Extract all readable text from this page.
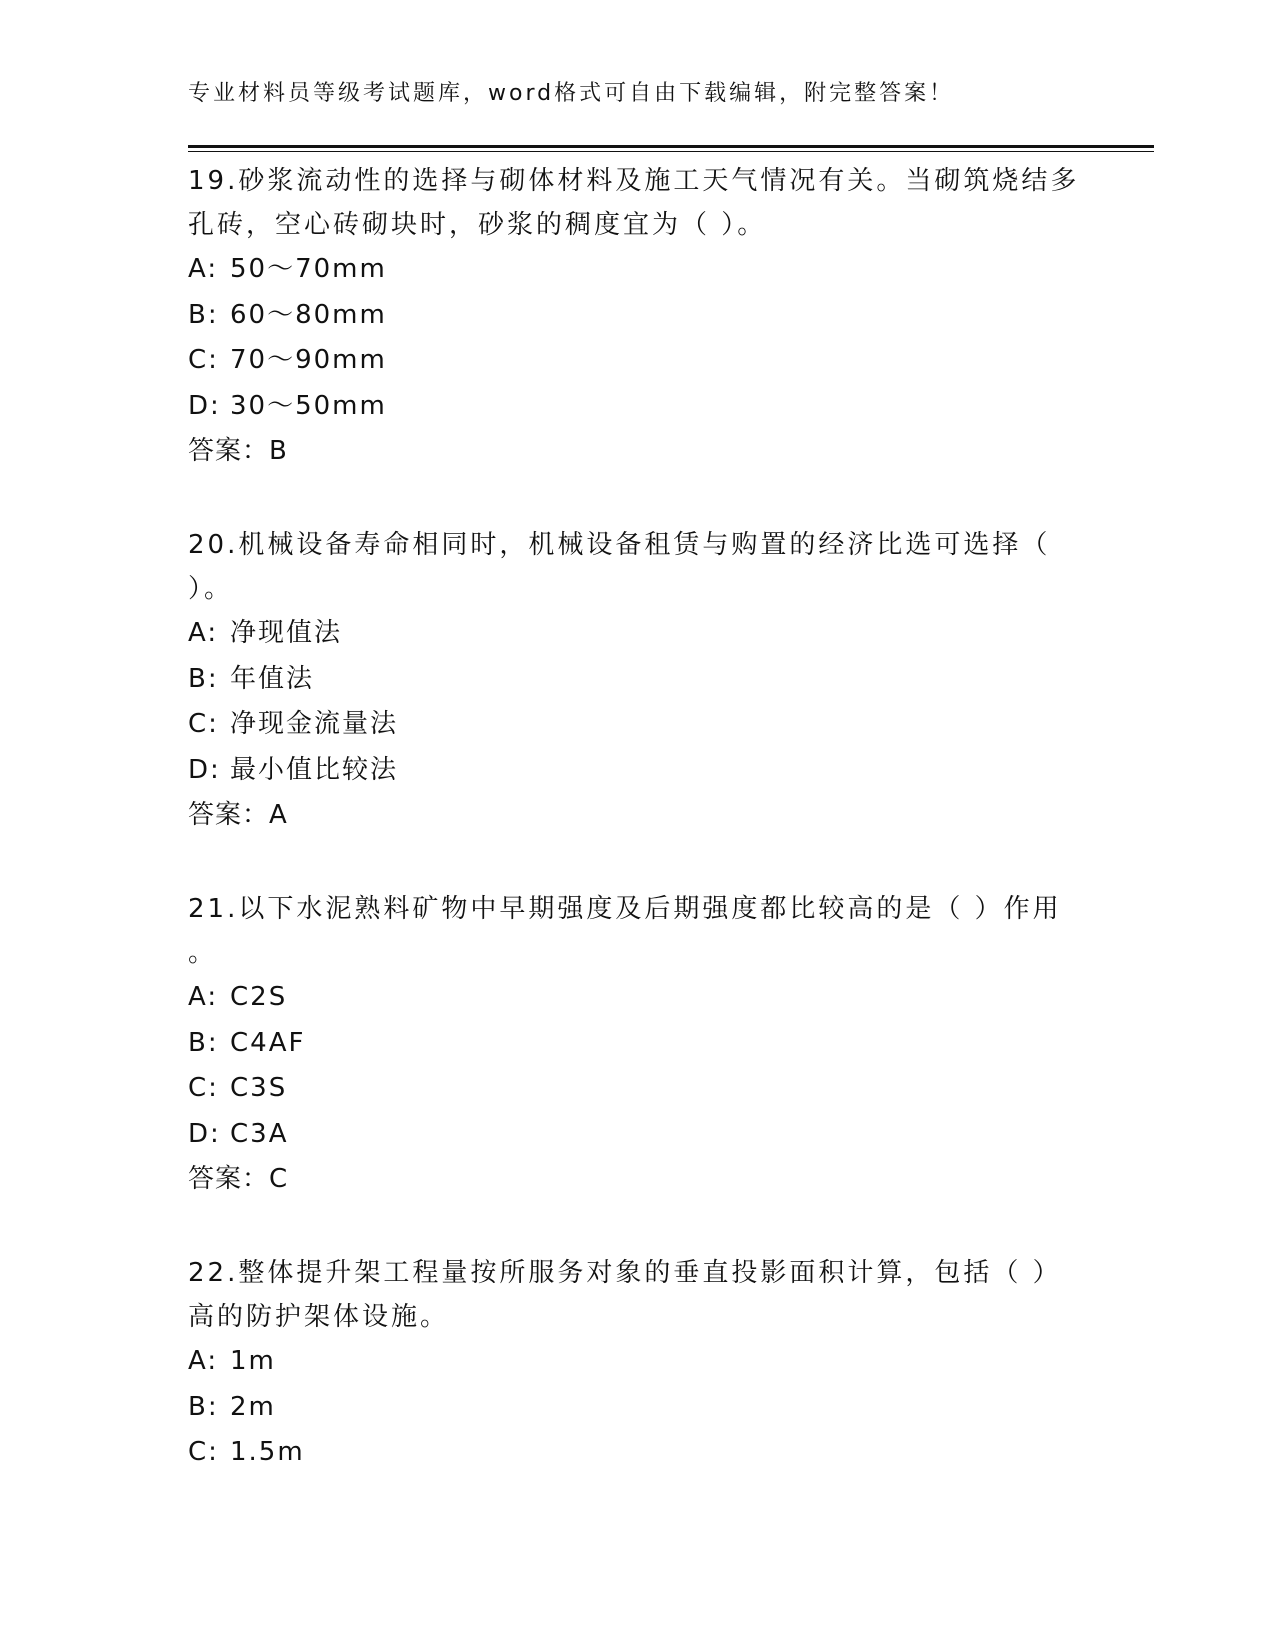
专业材料员等级考试题库，word格式可自由下载编辑，附完整答案！
19.砂浆流动性的选择与砌体材料及施工天气情况有关。当砌筑烧结多
孔砖，空心砖砌块时，砂浆的稠度宜为（ ）。
A: 50～70mm
B: 60～80mm
C: 70～90mm
D: 30～50mm
答案：B
20.机械设备寿命相同时，机械设备租赁与购置的经济比选可选择（
）。
A: 净现值法
B: 年值法
C: 净现金流量法
D: 最小值比较法
答案：A
21.以下水泥熟料矿物中早期强度及后期强度都比较高的是（ ）作用
。
A: C2S
B: C4AF
C: C3S
D: C3A
答案：C
22.整体提升架工程量按所服务对象的垂直投影面积计算，包括（ ）
高的防护架体设施。
A: 1m
B: 2m
C: 1.5m
